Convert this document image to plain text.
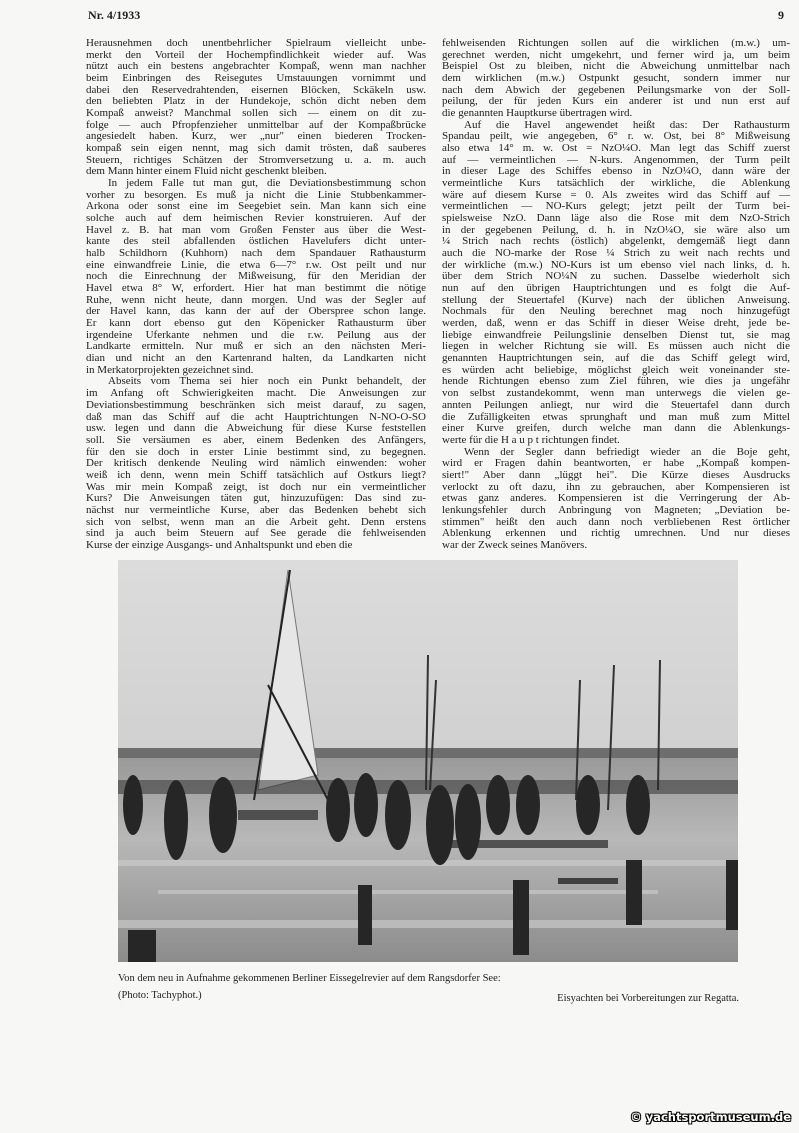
Nr. 4/1933	9
Herausnehmen doch unentbehrlicher Spielraum vielleicht unbe-
merkt den Vorteil der Hochempfindlichkeit wieder auf. Was
nützt auch ein bestens angebrachter Kompaß, wenn man nachher
beim Einbringen des Reisegutes Umstauungen vornimmt und
dabei den Reservedrahtenden, eisernen Blöcken, Sckäkeln usw.
den beliebten Platz in der Hundekoje, schön dicht neben dem
Kompaß anweist? Manchmal sollen sich — einem on dit zu-
folge — auch Pfropfenzieher unmittelbar auf der Kompaßbrücke
angesiedelt haben. Kurz, wer „nur" einen biederen Trocken-
kompaß sein eigen nennt, mag sich damit trösten, daß sauberes
Steuern, richtiges Schätzen der Stromversetzung u. a. m. auch
dem Mann hinter einem Fluid nicht geschenkt bleiben.
In jedem Falle tut man gut, die Deviationsbestimmung schon
vorher zu besorgen. Es muß ja nicht die Linie Stubbenkammer-
Arkona oder sonst eine im Seegebiet sein. Man kann sich eine
solche auch auf dem heimischen Revier konstruieren. Auf der
Havel z. B. hat man vom Großen Fenster aus über die West-
kante des steil abfallenden östlichen Havelufers dicht unter-
halb Schildhorn (Kuhhorn) nach dem Spandauer Rathausturm
eine einwandfreie Linie, die etwa 6—7° r.w. Ost peilt und nur
noch die Einrechnung der Mißweisung, für den Meridian der
Havel etwa 8° W, erfordert. Hier hat man bestimmt die nötige
Ruhe, wenn nicht heute, dann morgen. Und was der Segler auf
der Havel kann, das kann der auf der Oberspree schon lange.
Er kann dort ebenso gut den Köpenicker Rathausturm über
irgendeine Uferkante nehmen und die r.w. Peilung aus der
Landkarte ermitteln. Nur muß er sich an den nächsten Meri-
dian und nicht an den Kartenrand halten, da Landkarten nicht
in Merkatorprojekten gezeichnet sind.
Abseits vom Thema sei hier noch ein Punkt behandelt, der
im Anfang oft Schwierigkeiten macht. Die Anweisungen zur
Deviationsbestimmung beschränken sich meist darauf, zu sagen,
daß man das Schiff auf die acht Hauptrichtungen N-NO-O-SO
usw. legen und dann die Abweichung für diese Kurse feststellen
soll. Sie versäumen es aber, einem Bedenken des Anfängers,
für den sie doch in erster Linie bestimmt sind, zu begegnen.
Der kritisch denkende Neuling wird nämlich einwenden: woher
weiß ich denn, wenn mein Schiff tatsächlich auf Ostkurs liegt?
Was mir mein Kompaß zeigt, ist doch nur ein vermeintlicher
Kurs? Die Anweisungen täten gut, hinzuzufügen: Das sind zu-
nächst nur vermeintliche Kurse, aber das Bedenken behebt sich
sich von selbst, wenn man an die Arbeit geht. Denn erstens
sind ja auch beim Steuern auf See gerade die fehlweisenden
Kurse der einzige Ausgangs- und Anhaltspunkt und eben die
fehlweisenden Richtungen sollen auf die wirklichen (m.w.) um-
gerechnet werden, nicht umgekehrt, und ferner wird ja, um beim
Beispiel Ost zu bleiben, nicht die Abweichung unmittelbar nach
dem wirklichen (m.w.) Ostpunkt gesucht, sondern immer nur
nach dem Abwich der gegebenen Peilungsmarke von der Soll-
peilung, der für jeden Kurs ein anderer ist und nun erst auf
die genannten Hauptkurse übertragen wird.
Auf die Havel angewendet heißt das: Der Rathausturm
Spandau peilt, wie angegeben, 6° r. w. Ost, bei 8° Mißweisung
also etwa 14° m. w. Ost = NzO¼O. Man legt das Schiff zuerst
auf — vermeintlichen — N-kurs. Angenommen, der Turm peilt
in dieser Lage des Schiffes ebenso in NzO¼O, dann wäre der
vermeintliche Kurs tatsächlich der wirkliche, die Ablenkung
wäre auf diesem Kurse = 0. Als zweites wird das Schiff auf —
vermeintlichen — NO-Kurs gelegt; jetzt peilt der Turm bei-
spielsweise NzO. Dann läge also die Rose mit dem NzO-Strich
in der gegebenen Peilung, d. h. in NzO¼O, sie wäre also um
¼ Strich nach rechts (östlich) abgelenkt, demgemäß liegt dann
auch die NO-marke der Rose ¼ Strich zu weit nach rechts und
der wirkliche (m.w.) NO-Kurs ist um ebenso viel nach links, d. h.
über dem Strich NO¼N zu suchen. Dasselbe wiederholt sich
nun auf den übrigen Hauptrichtungen und es folgt die Auf-
stellung der Steuertafel (Kurve) nach der üblichen Anweisung.
Nochmals für den Neuling berechnet mag noch hinzugefügt
werden, daß, wenn er das Schiff in dieser Weise dreht, jede be-
liebige einwandfreie Peilungslinie denselben Dienst tut, sie mag
liegen in welcher Richtung sie will. Es müssen auch nicht die
genannten Hauptrichtungen sein, auf die das Schiff gelegt wird,
es würden acht beliebige, möglichst gleich weit voneinander ste-
hende Richtungen ebenso zum Ziel führen, wie dies ja ungefähr
von selbst zustandekommt, wenn man unterwegs die vielen ge-
annten Peilungen anliegt, nur wird die Steuertafel dann durch
die Zufälligkeiten etwas sprunghaft und man muß zum Mittel
einer Kurve greifen, durch welche man dann die Ablenkungs-
werte für die H a u p t richtungen findet.
Wenn der Segler dann befriedigt wieder an die Boje geht,
wird er Fragen dahin beantworten, er habe „Kompaß kompen-
siert!" Aber dann „lüggt hei". Die Kürze dieses Ausdrucks
verlockt zu oft dazu, ihn zu gebrauchen, aber Kompensieren ist
etwas ganz anderes. Kompensieren ist die Verringerung der Ab-
lenkungsfehler durch Anbringung von Magneten; „Deviation be-
stimmen" heißt den auch dann noch verbliebenen Rest örtlicher
Ablenkung erkennen und richtig umrechnen. Und nur dieses
war der Zweck seines Manövers.
Von dem neu in Aufnahme gekommenen Berliner Eissegelrevier auf dem Rangsdorfer See:
(Photo: Tachyphot.)	Eisyachten bei Vorbereitungen zur Regatta.
© yachtsportmuseum.de
